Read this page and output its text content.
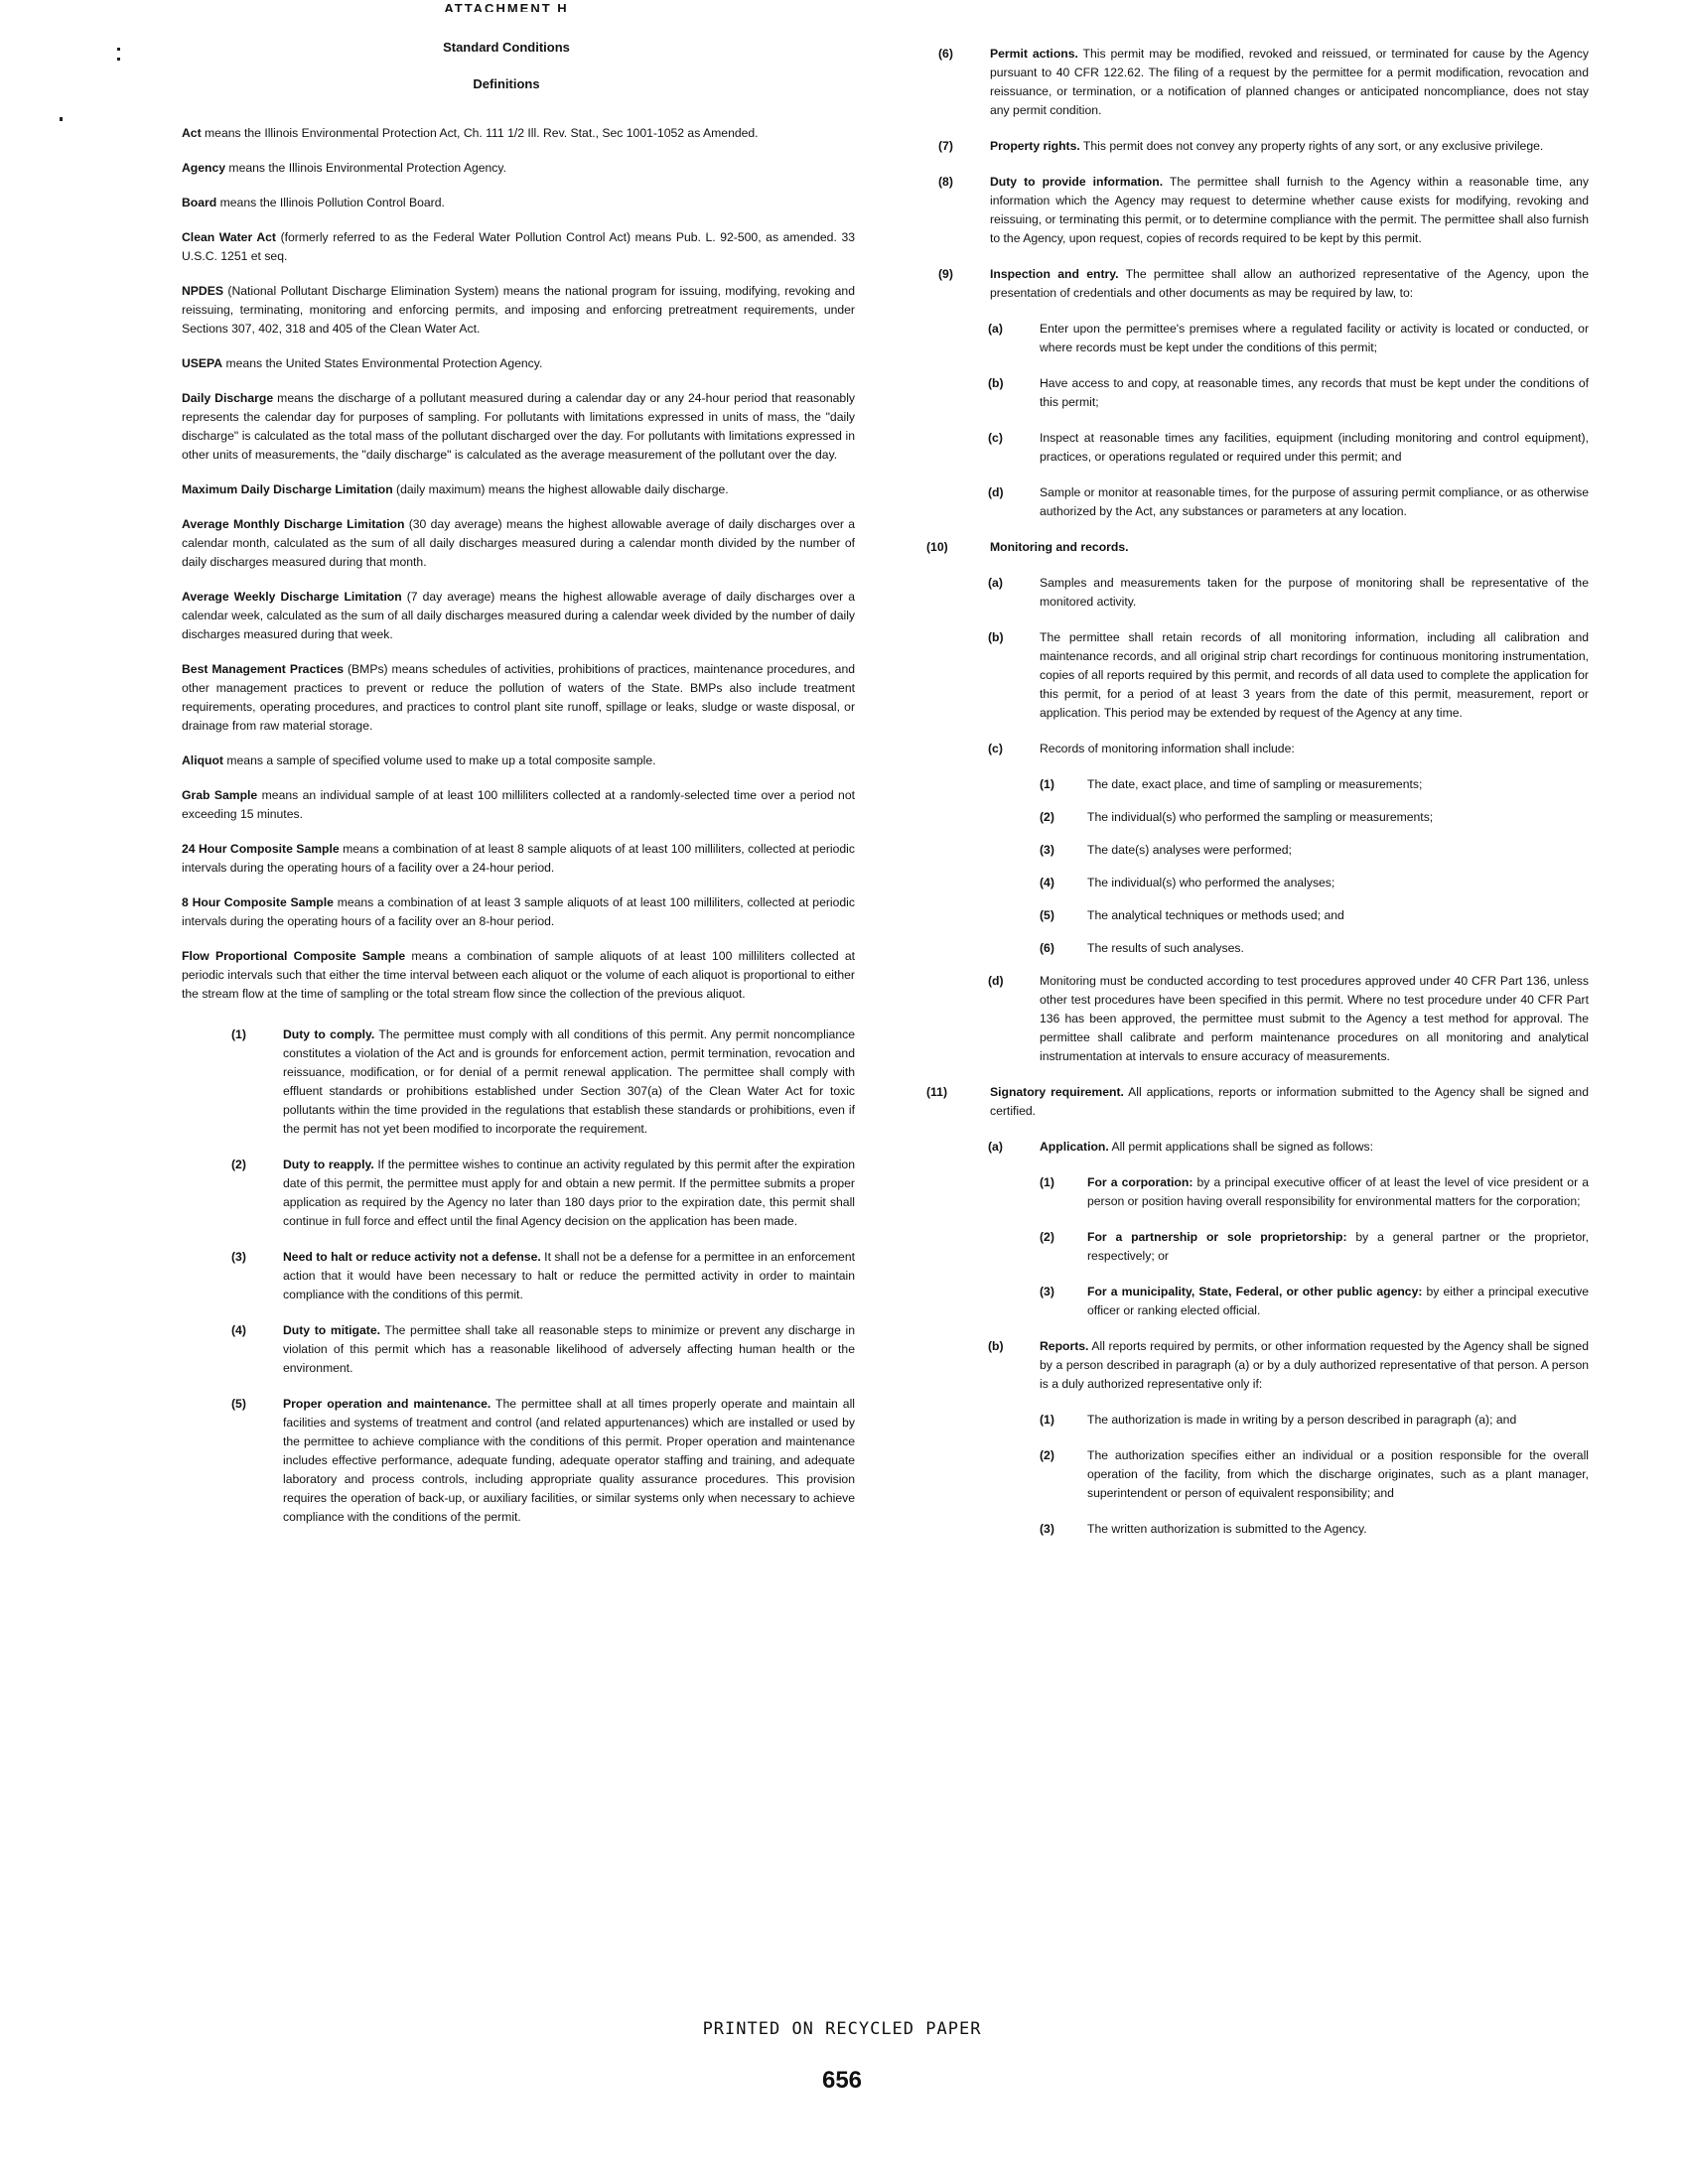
ATTACHMENT H
Standard Conditions
Definitions

Act means the Illinois Environmental Protection Act, Ch. 111 1/2 Ill. Rev. Stat., Sec 1001-1052 as Amended.

Agency means the Illinois Environmental Protection Agency.

Board means the Illinois Pollution Control Board.

Clean Water Act (formerly referred to as the Federal Water Pollution Control Act) means Pub. L. 92-500, as amended. 33 U.S.C. 1251 et seq.

NPDES (National Pollutant Discharge Elimination System) means the national program for issuing, modifying, revoking and reissuing, terminating, monitoring and enforcing permits, and imposing and enforcing pretreatment requirements, under Sections 307, 402, 318 and 405 of the Clean Water Act.

USEPA means the United States Environmental Protection Agency.

Daily Discharge means the discharge of a pollutant measured during a calendar day or any 24-hour period that reasonably represents the calendar day for purposes of sampling. For pollutants with limitations expressed in units of mass, the "daily discharge" is calculated as the total mass of the pollutant discharged over the day. For pollutants with limitations expressed in other units of measurements, the "daily discharge" is calculated as the average measurement of the pollutant over the day.

Maximum Daily Discharge Limitation (daily maximum) means the highest allowable daily discharge.

Average Monthly Discharge Limitation (30 day average) means the highest allowable average of daily discharges over a calendar month, calculated as the sum of all daily discharges measured during a calendar month divided by the number of daily discharges measured during that month.

Average Weekly Discharge Limitation (7 day average) means the highest allowable average of daily discharges over a calendar week, calculated as the sum of all daily discharges measured during a calendar week divided by the number of daily discharges measured during that week.

Best Management Practices (BMPs) means schedules of activities, prohibitions of practices, maintenance procedures, and other management practices to prevent or reduce the pollution of waters of the State. BMPs also include treatment requirements, operating procedures, and practices to control plant site runoff, spillage or leaks, sludge or waste disposal, or drainage from raw material storage.

Aliquot means a sample of specified volume used to make up a total composite sample.

Grab Sample means an individual sample of at least 100 milliliters collected at a randomly-selected time over a period not exceeding 15 minutes.

24 Hour Composite Sample means a combination of at least 8 sample aliquots of at least 100 milliliters, collected at periodic intervals during the operating hours of a facility over a 24-hour period.

8 Hour Composite Sample means a combination of at least 3 sample aliquots of at least 100 milliliters, collected at periodic intervals during the operating hours of a facility over an 8-hour period.

Flow Proportional Composite Sample means a combination of sample aliquots of at least 100 milliliters collected at periodic intervals such that either the time interval between each aliquot or the volume of each aliquot is proportional to either the stream flow at the time of sampling or the total stream flow since the collection of the previous aliquot.

(1)	Duty to comply. The permittee must comply with all conditions of this permit. Any permit noncompliance constitutes a violation of the Act and is grounds for enforcement action, permit termination, revocation and reissuance, modification, or for denial of a permit renewal application. The permittee shall comply with effluent standards or prohibitions established under Section 307(a) of the Clean Water Act for toxic pollutants within the time provided in the regulations that establish these standards or prohibitions, even if the permit has not yet been modified to incorporate the requirement.
(2)	Duty to reapply. If the permittee wishes to continue an activity regulated by this permit after the expiration date of this permit, the permittee must apply for and obtain a new permit. If the permittee submits a proper application as required by the Agency no later than 180 days prior to the expiration date, this permit shall continue in full force and effect until the final Agency decision on the application has been made.
(3)	Need to halt or reduce activity not a defense. It shall not be a defense for a permittee in an enforcement action that it would have been necessary to halt or reduce the permitted activity in order to maintain compliance with the conditions of this permit.
(4)	Duty to mitigate. The permittee shall take all reasonable steps to minimize or prevent any discharge in violation of this permit which has a reasonable likelihood of adversely affecting human health or the environment.
(5)	Proper operation and maintenance. The permittee shall at all times properly operate and maintain all facilities and systems of treatment and control (and related appurtenances) which are installed or used by the permittee to achieve compliance with the conditions of this permit. Proper operation and maintenance includes effective performance, adequate funding, adequate operator staffing and training, and adequate laboratory and process controls, including appropriate quality assurance procedures. This provision requires the operation of back-up, or auxiliary facilities, or similar systems only when necessary to achieve compliance with the conditions of the permit.
(6)	Permit actions. This permit may be modified, revoked and reissued, or terminated for cause by the Agency pursuant to 40 CFR 122.62. The filing of a request by the permittee for a permit modification, revocation and reissuance, or termination, or a notification of planned changes or anticipated noncompliance, does not stay any permit condition.
(7)	Property rights. This permit does not convey any property rights of any sort, or any exclusive privilege.
(8)	Duty to provide information. The permittee shall furnish to the Agency within a reasonable time, any information which the Agency may request to determine whether cause exists for modifying, revoking and reissuing, or terminating this permit, or to determine compliance with the permit. The permittee shall also furnish to the Agency, upon request, copies of records required to be kept by this permit.
(9)	Inspection and entry. The permittee shall allow an authorized representative of the Agency, upon the presentation of credentials and other documents as may be required by law, to:
(a)	Enter upon the permittee's premises where a regulated facility or activity is located or conducted, or where records must be kept under the conditions of this permit;
(b)	Have access to and copy, at reasonable times, any records that must be kept under the conditions of this permit;
(c)	Inspect at reasonable times any facilities, equipment (including monitoring and control equipment), practices, or operations regulated or required under this permit; and
(d)	Sample or monitor at reasonable times, for the purpose of assuring permit compliance, or as otherwise authorized by the Act, any substances or parameters at any location.
(10)	Monitoring and records.
(a)	Samples and measurements taken for the purpose of monitoring shall be representative of the monitored activity.
(b)	The permittee shall retain records of all monitoring information, including all calibration and maintenance records, and all original strip chart recordings for continuous monitoring instrumentation, copies of all reports required by this permit, and records of all data used to complete the application for this permit, for a period of at least 3 years from the date of this permit, measurement, report or application. This period may be extended by request of the Agency at any time.
(c)	Records of monitoring information shall include:
(1)	The date, exact place, and time of sampling or measurements;
(2)	The individual(s) who performed the sampling or measurements;
(3)	The date(s) analyses were performed;
(4)	The individual(s) who performed the analyses;
(5)	The analytical techniques or methods used; and
(6)	The results of such analyses.
(d)	Monitoring must be conducted according to test procedures approved under 40 CFR Part 136, unless other test procedures have been specified in this permit. Where no test procedure under 40 CFR Part 136 has been approved, the permittee must submit to the Agency a test method for approval. The permittee shall calibrate and perform maintenance procedures on all monitoring and analytical instrumentation at intervals to ensure accuracy of measurements.
(11)	Signatory requirement. All applications, reports or information submitted to the Agency shall be signed and certified.
(a)	Application. All permit applications shall be signed as follows:
(1)	For a corporation: by a principal executive officer of at least the level of vice president or a person or position having overall responsibility for environmental matters for the corporation;
(2)	For a partnership or sole proprietorship: by a general partner or the proprietor, respectively; or
(3)	For a municipality, State, Federal, or other public agency: by either a principal executive officer or ranking elected official.
(b)	Reports. All reports required by permits, or other information requested by the Agency shall be signed by a person described in paragraph (a) or by a duly authorized representative of that person. A person is a duly authorized representative only if:
(1)	The authorization is made in writing by a person described in paragraph (a); and
(2)	The authorization specifies either an individual or a position responsible for the overall operation of the facility, from which the discharge originates, such as a plant manager, superintendent or person of equivalent responsibility; and
(3)	The written authorization is submitted to the Agency.
PRINTED ON RECYCLED PAPER
656
